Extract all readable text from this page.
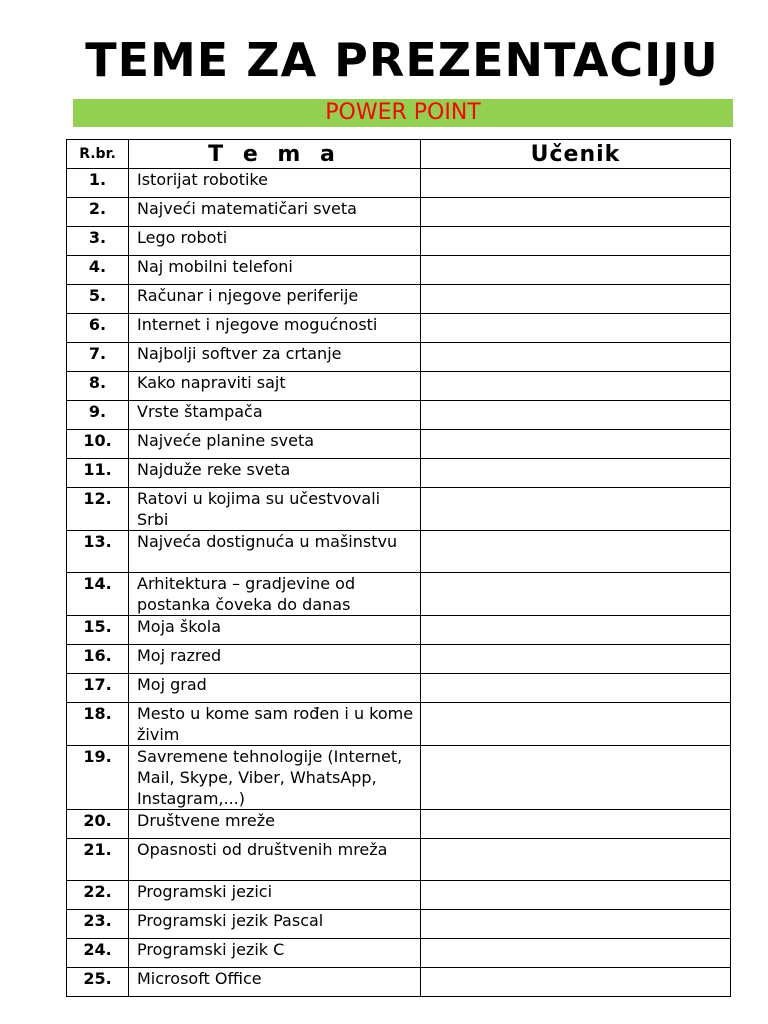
TEME ZA PREZENTACIJU
POWER POINT
R.br.	T e m a	Učenik
1.	Istorijat robotike	
2.	Najveći matematičari sveta	
3.	Lego roboti	
4.	Naj mobilni telefoni	
5.	Računar i njegove periferije	
6.	Internet i njegove mogućnosti	
7.	Najbolji softver za crtanje	
8.	Kako napraviti sajt	
9.	Vrste štampača	
10.	Najveće planine sveta	
11.	Najduže reke sveta	
12.	Ratovi u kojima su učestvovali Srbi	
13.	Najveća dostignuća u mašinstvu	
14.	Arhitektura – gradjevine od postanka čoveka do danas	
15.	Moja škola	
16.	Moj razred	
17.	Moj grad	
18.	Mesto u kome sam rođen i u kome živim	
19.	Savremene tehnologije (Internet, Mail, Skype, Viber, WhatsApp, Instagram,...)	
20.	Društvene mreže	
21.	Opasnosti od društvenih mreža	
22.	Programski jezici	
23.	Programski jezik Pascal	
24.	Programski jezik C	
25.	Microsoft Office	
